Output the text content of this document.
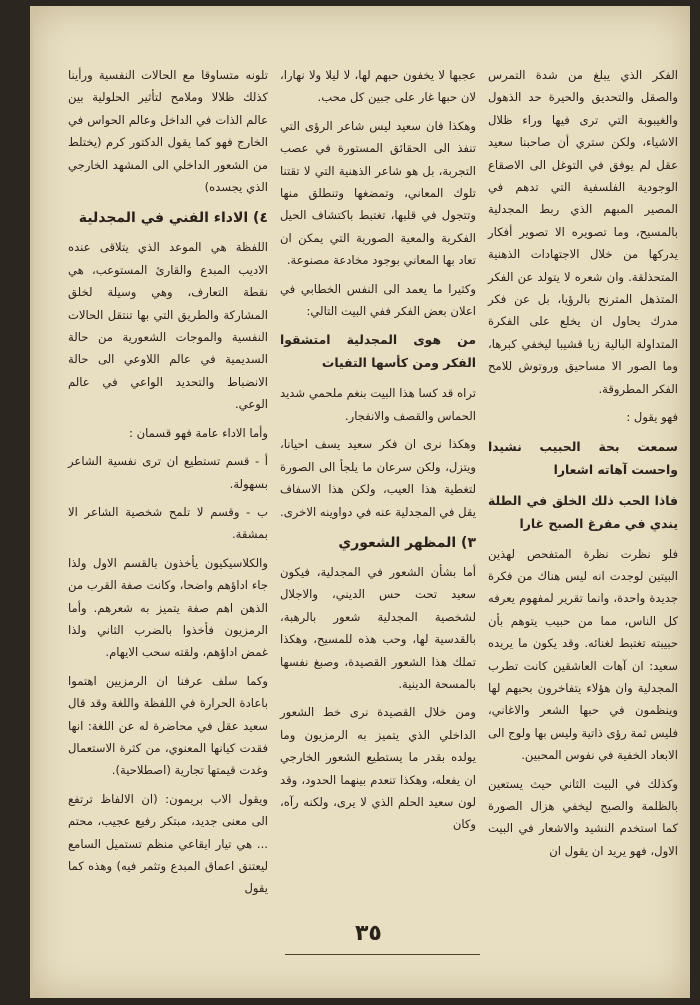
الفكر الذي يبلغ من شدة التمرس والصقل والتحديق والحيرة حد الذهول والغيبوبة التي ترى فيها وراء ظلال الاشياء، ولكن ستري أن صاحبنا سعيد عقل لم يوفق في التوغل الى الاصقاع الوجودية الفلسفية التي تدهم في المصير المبهم الذي ربط المجدلية بالمسيح، وما تصويره الا تصوير أفكار يدركها من خلال الاجتهادات الذهنية المتحذلقة. وان شعره لا يتولد عن الفكر المتذهل المترنح بالرؤيا، بل عن فكر مدرك يحاول ان يخلع على الفكرة المتداولة البالية زيا قشيبا ليخفي كبرها، وما الصور الا مساحيق وروتوش للامح الفكر المطروقة.

فهو يقول :

سمعت بحة الحبيب نشيدا واحست آهاته اشعارا
فاذا الحب ذلك الخلق في الطلة يندي في مفرغ الصبح غارا

فلو نظرت نظرة المتفحص لهذين البيتين لوجدت انه ليس هناك من فكرة جديدة واحدة، وانما تقرير لمفهوم يعرفه كل الناس، مما من حبيب يتوهم بأن حبيبته تغتبط لغنائه. وقد يكون ما يريده سعيد: ان آهات العاشقين كانت تطرب المجدلية وان هؤلاء يتفاخرون بحبهم لها وينظمون في حبها الشعر والاغاني، فليس ثمة رؤى ذاتية وليس بها ولوج الى الابعاد الخفية في نفوس المحبين.

وكذلك في البيت الثاني حيث يستعين بالظلمة والصبح ليخفي هزال الصورة كما استخدم النشيد والاشعار في البيت الاول، فهو يريد ان يقول ان

عجبها لا يخفون حبهم لها، لا ليلا ولا نهارا، لان حبها غار على جبين كل محب.

وهكذا فان سعيد ليس شاعر الرؤى التي تنفذ الى الحقائق المستورة في عصب التجربة، بل هو شاعر الذهنية التي لا تقتنا تلوك المعاني، وتمضغها وتنطلق منها وتتجول في قلبها، تغتبط باكتشاف الحيل الفكرية والمعية الصورية التي يمكن ان تعاد بها المعاني بوجود مخادعة مصنوعة.

وكثيرا ما يعمد الى النفس الخطابي في اعلان بعض الفكر ففي البيت التالي:

من هوى المجدلية امتشقوا الفكر ومن كأسها التفيات

تراه قد كسا هذا البيت بنغم ملحمي شديد الحماس والقصف والانفجار.

وهكذا نرى ان فكر سعيد يسف احيانا، ويتزل، ولكن سرعان ما يلجأ الى الصورة لتغطية هذا العيب، ولكن هذا الاسفاف يقل في المجدلية عنه في دواوينه الاخرى.

٣) المظهر الشعوري

أما بشأن الشعور في المجدلية، فيكون سعيد تحت حس الديني، والاجلال لشخصية المجدلية شعور بالرهبة، بالقدسية لها، وحب هذه للمسيح، وهكذا تملك هذا الشعور القصيدة، وصبغ نفسها بالمسحة الدينية.

ومن خلال القصيدة نرى خط الشعور الداخلي الذي يتميز به الرمزيون وما يولده بقدر ما يستطيع الشعور الخارجي ان يفعله، وهكذا تنعدم بينهما الحدود، وقد لون سعيد الحلم الذي لا يرى، ولكنه رآه، وكان

تلونه متساوقا مع الحالات النفسية ورأينا كذلك ظلالا وملامح لتأثير الحلولية بين عالم الذات في الداخل وعالم الحواس في الخارج فهو كما يقول الدكتور كرم (يختلط من الشعور الداخلي الى المشهد الخارجي الذي يجسده)

٤) الاداء الفني في المجدلية

اللفظة هي الموعد الذي يتلاقى عنده الاديب المبدع والقارئ المستوعب، هي نقطة التعارف، وهي وسيلة لخلق المشاركة والطريق التي بها تنتقل الحالات النفسية والموجات الشعورية من حالة السديمية في عالم اللاوعي الى حالة الانضباط والتحديد الواعي في عالم الوعي.

وأما الاداء عامة فهو قسمان :

أ - قسم تستطيع ان ترى نفسية الشاعر بسهولة.

ب - وقسم لا تلمح شخصية الشاعر الا بمشقة.

والكلاسيكيون يأخذون بالقسم الاول ولذا جاء اداؤهم واضحا، وكانت صفة القرب من الذهن اهم صفة يتميز به شعرهم. وأما الرمزيون فأخذوا بالضرب الثاني ولذا غمض اداؤهم، ولقته سحب الايهام.

وكما سلف عرفنا ان الرمزيين اهتموا باعادة الحرارة في اللفظة واللغة وقد قال سعيد عقل في محاضرة له عن اللغة: انها فقدت كيانها المعنوي، من كثرة الاستعمال وغدت قيمتها تجارية (اصطلاحية).

ويقول الاب بريمون: (ان الالفاظ ترتفع الى معنى جديد، مبتكر رفيع عجيب، محتم ... هي تيار ايقاعي منظم تستميل السامع ليعتنق اعماق المبدع وتثمر فيه) وهذه كما يقول

٣٥
